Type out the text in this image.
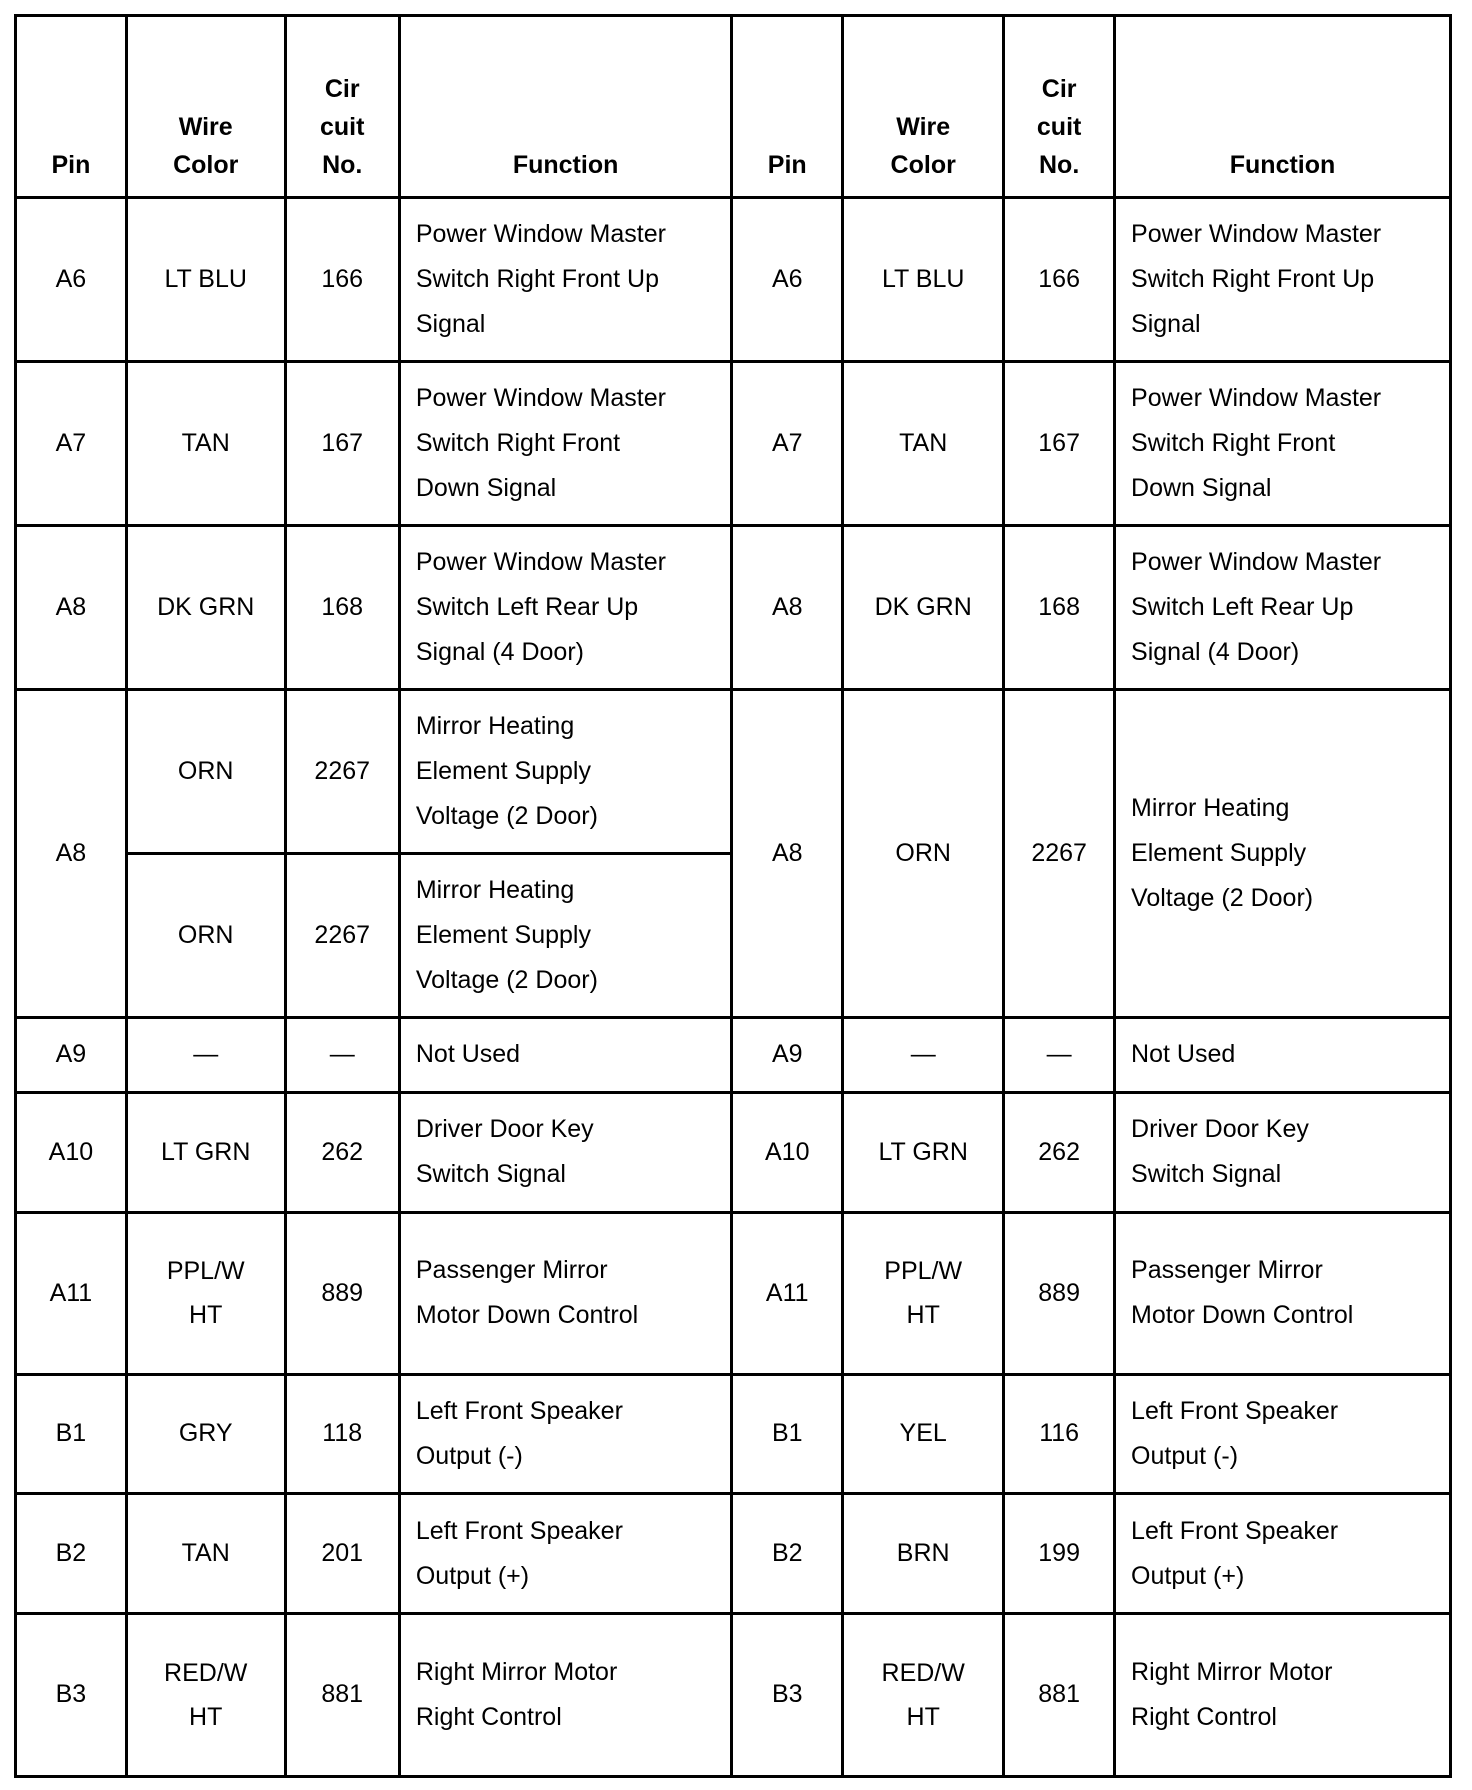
Pin	Wire
Color	Cir
cuit
No.	Function	Pin	Wire
Color	Cir
cuit
No.	Function

A6	LT BLU	166	Power Window Master
Switch Right Front Up
Signal	A6	LT BLU	166	Power Window Master
Switch Right Front Up
Signal

A7	TAN	167	Power Window Master
Switch Right Front
Down Signal	A7	TAN	167	Power Window Master
Switch Right Front
Down Signal

A8	DK GRN	168	Power Window Master
Switch Left Rear Up
Signal (4 Door)	A8	DK GRN	168	Power Window Master
Switch Left Rear Up
Signal (4 Door)

A8	ORN	2267	Mirror Heating
Element Supply
Voltage (2 Door)	A8	ORN	2267	Mirror Heating
Element Supply
Voltage (2 Door)

	ORN	2267	Mirror Heating
Element Supply
Voltage (2 Door)				

A9	—	—	Not Used	A9	—	—	Not Used

A10	LT GRN	262	Driver Door Key
Switch Signal	A10	LT GRN	262	Driver Door Key
Switch Signal

A11	PPL/W
HT	889	Passenger Mirror
Motor Down Control	A11	PPL/W
HT	889	Passenger Mirror
Motor Down Control

B1	GRY	118	Left Front Speaker
Output (-)	B1	YEL	116	Left Front Speaker
Output (-)

B2	TAN	201	Left Front Speaker
Output (+)	B2	BRN	199	Left Front Speaker
Output (+)

B3	RED/W
HT	881	Right Mirror Motor
Right Control	B3	RED/W
HT	881	Right Mirror Motor
Right Control
